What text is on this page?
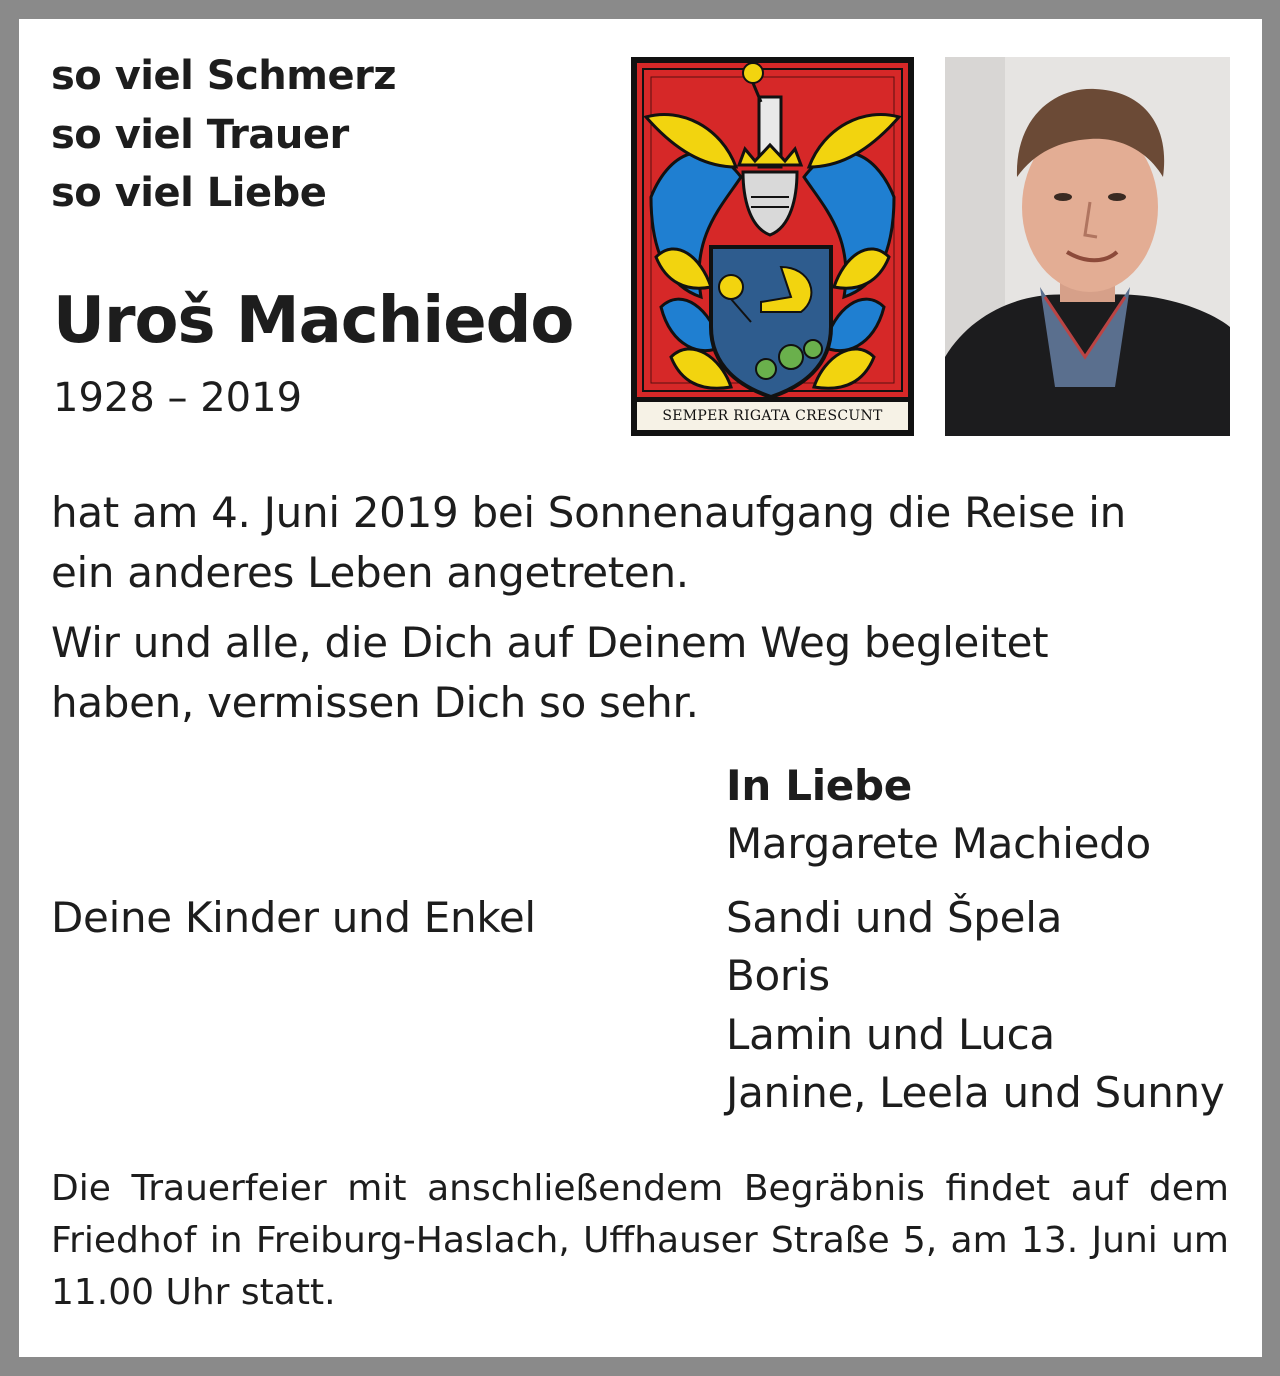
so viel Schmerz
so viel Trauer
so viel Liebe
Uroš Machiedo
1928 – 2019	SEMPER RIGATA CRESCUNT
hat am 4. Juni 2019 bei Sonnenaufgang die Reise in
ein anderes Leben angetreten.
Wir und alle, die Dich auf Deinem Weg begleitet
haben, vermissen Dich so sehr.
In Liebe
Margarete Machiedo
Deine Kinder und Enkel	Sandi und Špela
Boris
Lamin und Luca
Janine, Leela und Sunny
Die Trauerfeier mit anschließendem Begräbnis findet auf dem Friedhof in Freiburg-Haslach, Uffhauser Straße 5, am 13. Juni um 11.00 Uhr statt.
